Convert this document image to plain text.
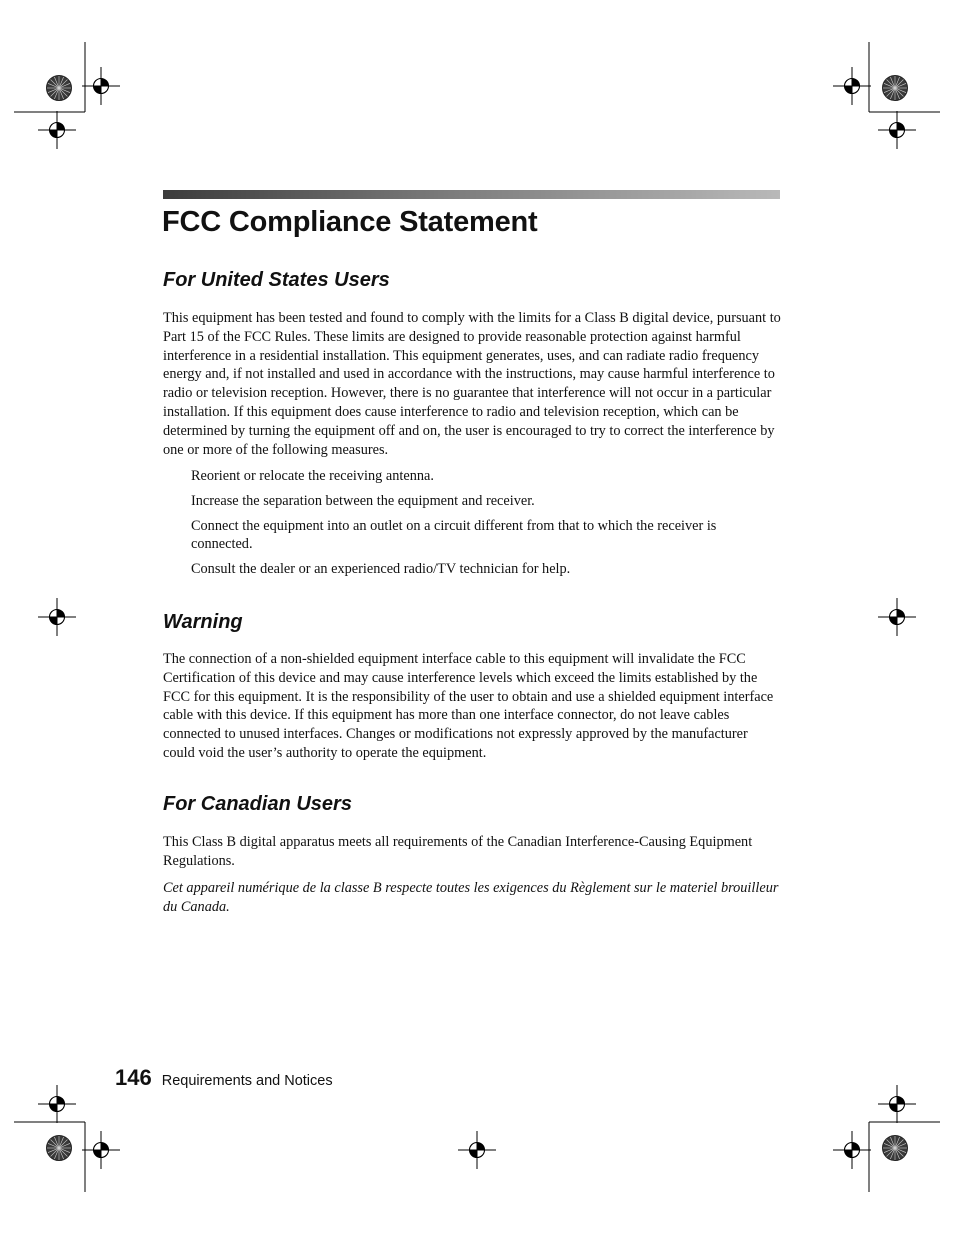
FCC Compliance Statement
For United States Users

This equipment has been tested and found to comply with the limits for a Class B digital device, pursuant to Part 15 of the FCC Rules. These limits are designed to provide reasonable protection against harmful interference in a residential installation. This equipment generates, uses, and can radiate radio frequency energy and, if not installed and used in accordance with the instructions, may cause harmful interference to radio or television reception. However, there is no guarantee that interference will not occur in a particular installation. If this equipment does cause interference to radio and television reception, which can be determined by turning the equipment off and on, the user is encouraged to try to correct the interference by one or more of the following measures.

Reorient or relocate the receiving antenna.
Increase the separation between the equipment and receiver.
Connect the equipment into an outlet on a circuit different from that to which the receiver is connected.
Consult the dealer or an experienced radio/TV technician for help.
Warning

The connection of a non-shielded equipment interface cable to this equipment will invalidate the FCC Certification of this device and may cause interference levels which exceed the limits established by the FCC for this equipment. It is the responsibility of the user to obtain and use a shielded equipment interface cable with this device. If this equipment has more than one interface connector, do not leave cables connected to unused interfaces. Changes or modifications not expressly approved by the manufacturer could void the user’s authority to operate the equipment.

For Canadian Users

This Class B digital apparatus meets all requirements of the Canadian Interference-Causing Equipment Regulations.

Cet appareil numérique de la classe B respecte toutes les exigences du Règlement sur le materiel brouilleur du Canada.

146 Requirements and Notices
